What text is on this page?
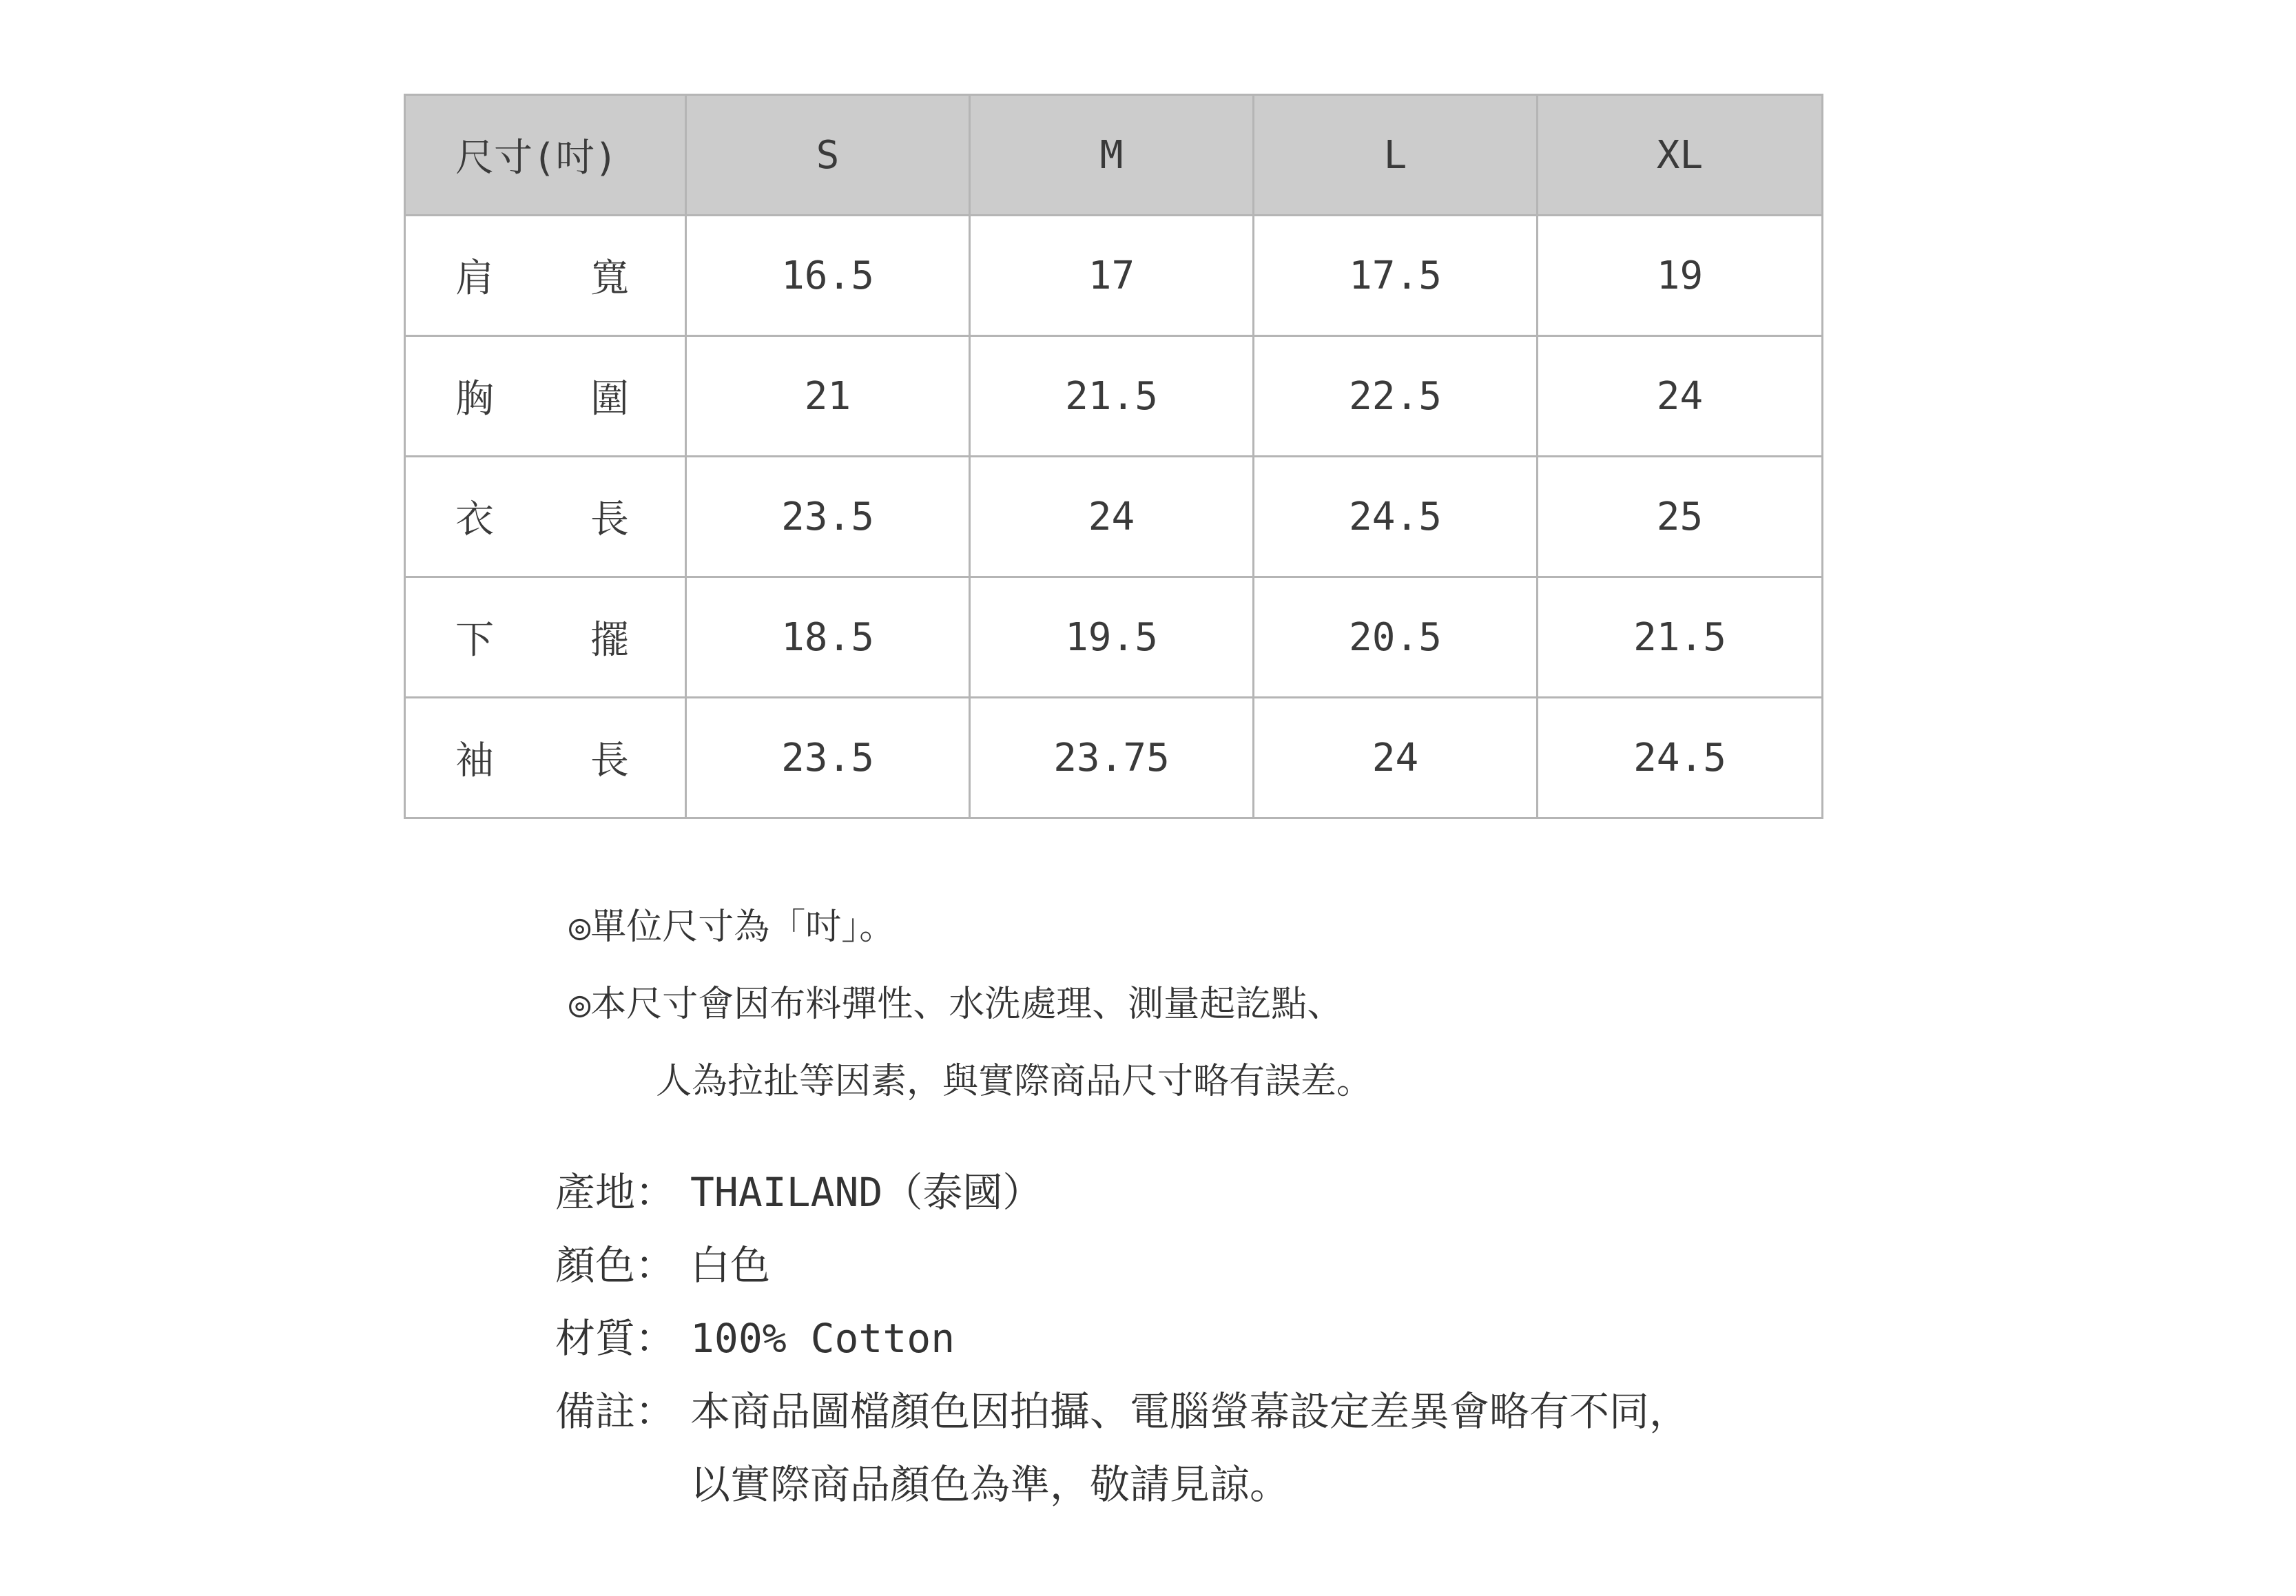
尺寸(吋)	S	M	L	XL

肩 寬	16.5	17	17.5	19

胸 圍	21	21.5	22.5	24

衣 長	23.5	24	24.5	25

下 擺	18.5	19.5	20.5	21.5

袖 長	23.5	23.75	24	24.5
◎單位尺寸為「吋」。
◎本尺寸會因布料彈性、水洗處理、測量起訖點、
人為拉扯等因素，與實際商品尺寸略有誤差。
產地： THAILAND（泰國）
顏色： 白色
材質： 100% Cotton
備註： 本商品圖檔顏色因拍攝、電腦螢幕設定差異會略有不同，
以實際商品顏色為準，敬請見諒。
